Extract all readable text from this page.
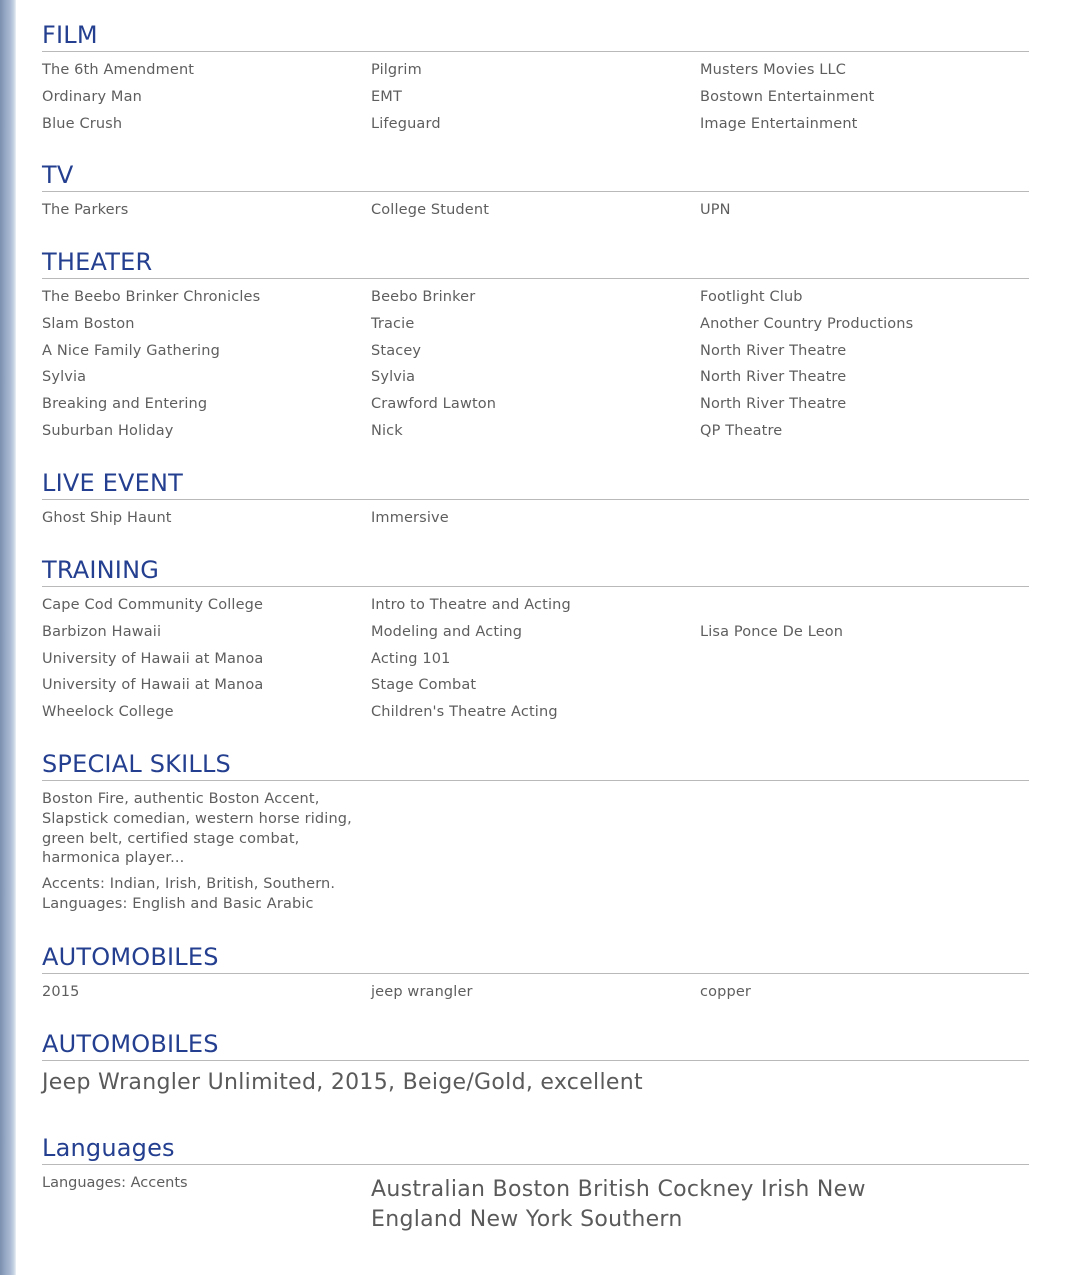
FILM
The 6th Amendment	Pilgrim	Musters Movies LLC
Ordinary Man	EMT	Bostown Entertainment
Blue Crush	Lifeguard	Image Entertainment
TV
The Parkers	College Student	UPN
THEATER
The Beebo Brinker Chronicles	Beebo Brinker	Footlight Club
Slam Boston	Tracie	Another Country Productions
A Nice Family Gathering	Stacey	North River Theatre
Sylvia	Sylvia	North River Theatre
Breaking and Entering	Crawford Lawton	North River Theatre
Suburban Holiday	Nick	QP Theatre
LIVE EVENT
Ghost Ship Haunt	Immersive
TRAINING
Cape Cod Community College	Intro to Theatre and Acting
Barbizon Hawaii	Modeling and Acting	Lisa Ponce De Leon
University of Hawaii at Manoa	Acting 101
University of Hawaii at Manoa	Stage Combat
Wheelock College	Children's Theatre Acting
SPECIAL SKILLS
Boston Fire, authentic Boston Accent, Slapstick comedian, western horse riding, green belt, certified stage combat, harmonica player...
Accents: Indian, Irish, British, Southern. Languages: English and Basic Arabic
AUTOMOBILES
2015	jeep wrangler	copper
AUTOMOBILES
Jeep Wrangler Unlimited, 2015, Beige/Gold, excellent
Languages
Languages: Accents	Australian Boston British Cockney Irish New England New York Southern
